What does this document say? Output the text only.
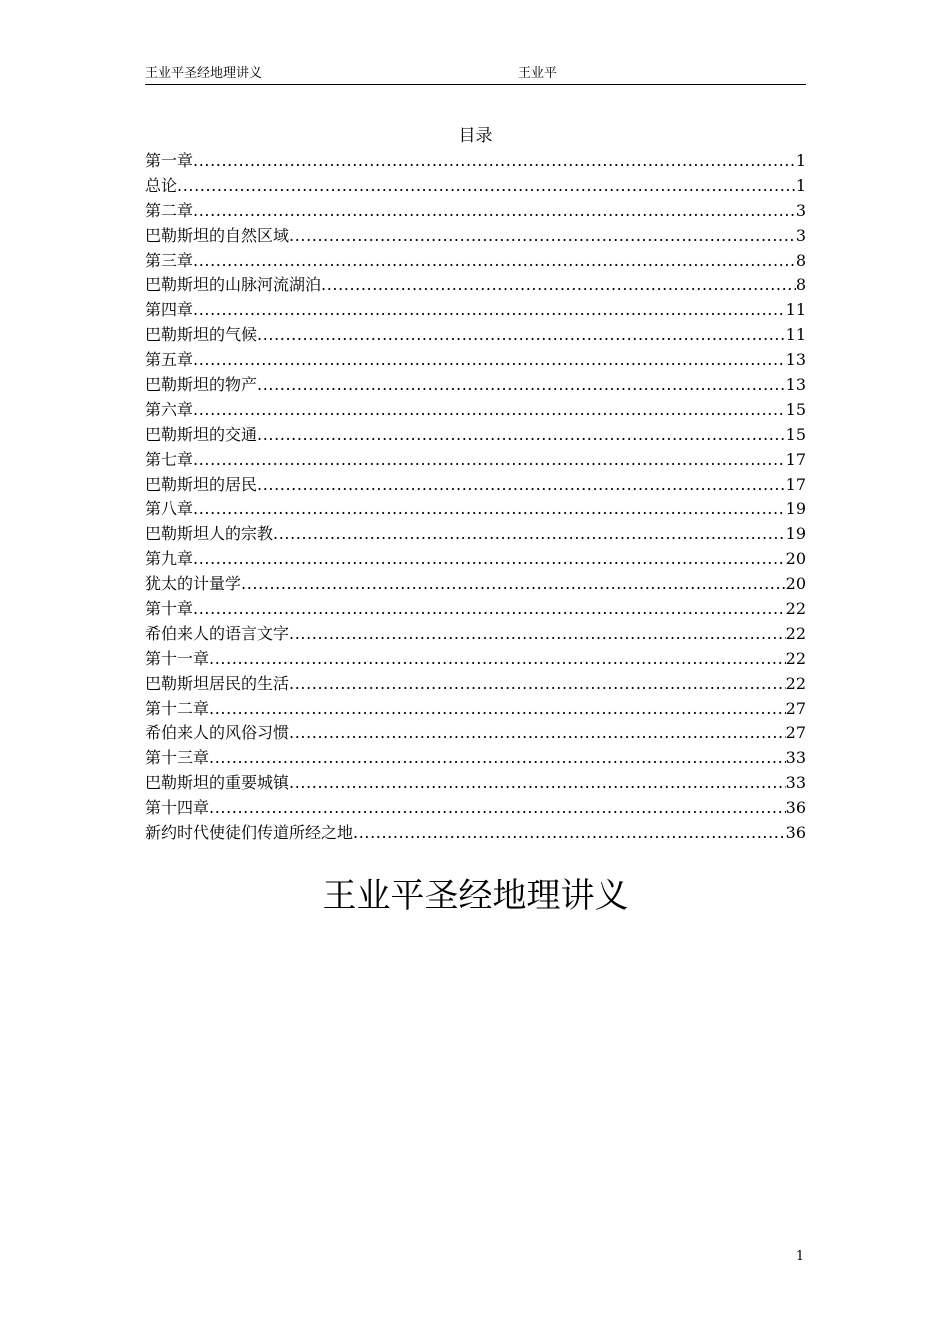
王业平圣经地理讲义	王业平
目录
第一章 .....	1
总论 .....	1
第二章 .....	3
巴勒斯坦的自然区域 .....	3
第三章 .....	8
巴勒斯坦的山脉河流湖泊 .....	8
第四章 .....	11
巴勒斯坦的气候 .....	11
第五章 .....	13
巴勒斯坦的物产 .....	13
第六章 .....	15
巴勒斯坦的交通 .....	15
第七章 .....	17
巴勒斯坦的居民 .....	17
第八章 .....	19
巴勒斯坦人的宗教 .....	19
第九章 .....	20
犹太的计量学 .....	20
第十章 .....	22
希伯来人的语言文字 .....	22
第十一章 .....	22
巴勒斯坦居民的生活 .....	22
第十二章 .....	27
希伯来人的风俗习惯 .....	27
第十三章 .....	33
巴勒斯坦的重要城镇 .....	33
第十四章 .....	36
新约时代使徒们传道所经之地 .....	36
王业平圣经地理讲义
1
